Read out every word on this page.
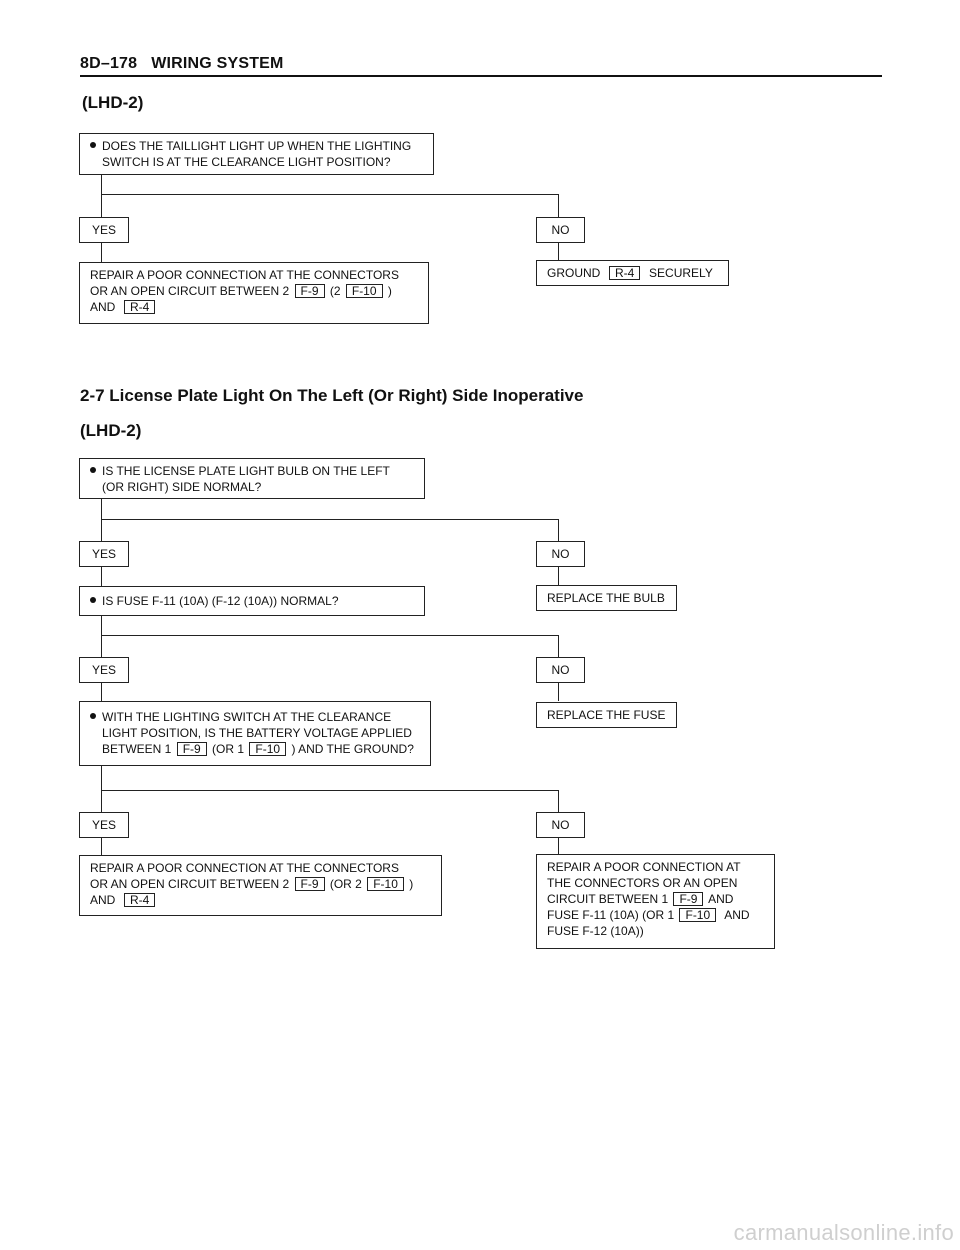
8D–178 WIRING SYSTEM
(LHD-2)
DOES THE TAILLIGHT LIGHT UP WHEN THE LIGHTING
SWITCH IS AT THE CLEARANCE LIGHT POSITION?
YES	NO
REPAIR A POOR CONNECTION AT THE CONNECTORS
OR AN OPEN CIRCUIT BETWEEN 2 F-9 (2 F-10 )
AND R-4
GROUND R-4 SECURELY
2-7 License Plate Light On The Left (Or Right) Side Inoperative
(LHD-2)
IS THE LICENSE PLATE LIGHT BULB ON THE LEFT
(OR RIGHT) SIDE NORMAL?
YES	NO
IS FUSE F-11 (10A) (F-12 (10A)) NORMAL?	REPLACE THE BULB
YES	NO
WITH THE LIGHTING SWITCH AT THE CLEARANCE
LIGHT POSITION, IS THE BATTERY VOLTAGE APPLIED
BETWEEN 1 F-9 (OR 1 F-10 ) AND THE GROUND?
REPLACE THE FUSE
YES	NO
REPAIR A POOR CONNECTION AT THE CONNECTORS
OR AN OPEN CIRCUIT BETWEEN 2 F-9 (OR 2 F-10 )
AND R-4
REPAIR A POOR CONNECTION AT
THE CONNECTORS OR AN OPEN
CIRCUIT BETWEEN 1 F-9 AND
FUSE F-11 (10A) (OR 1 F-10 AND
FUSE F-12 (10A))
carmanualsonline.info
